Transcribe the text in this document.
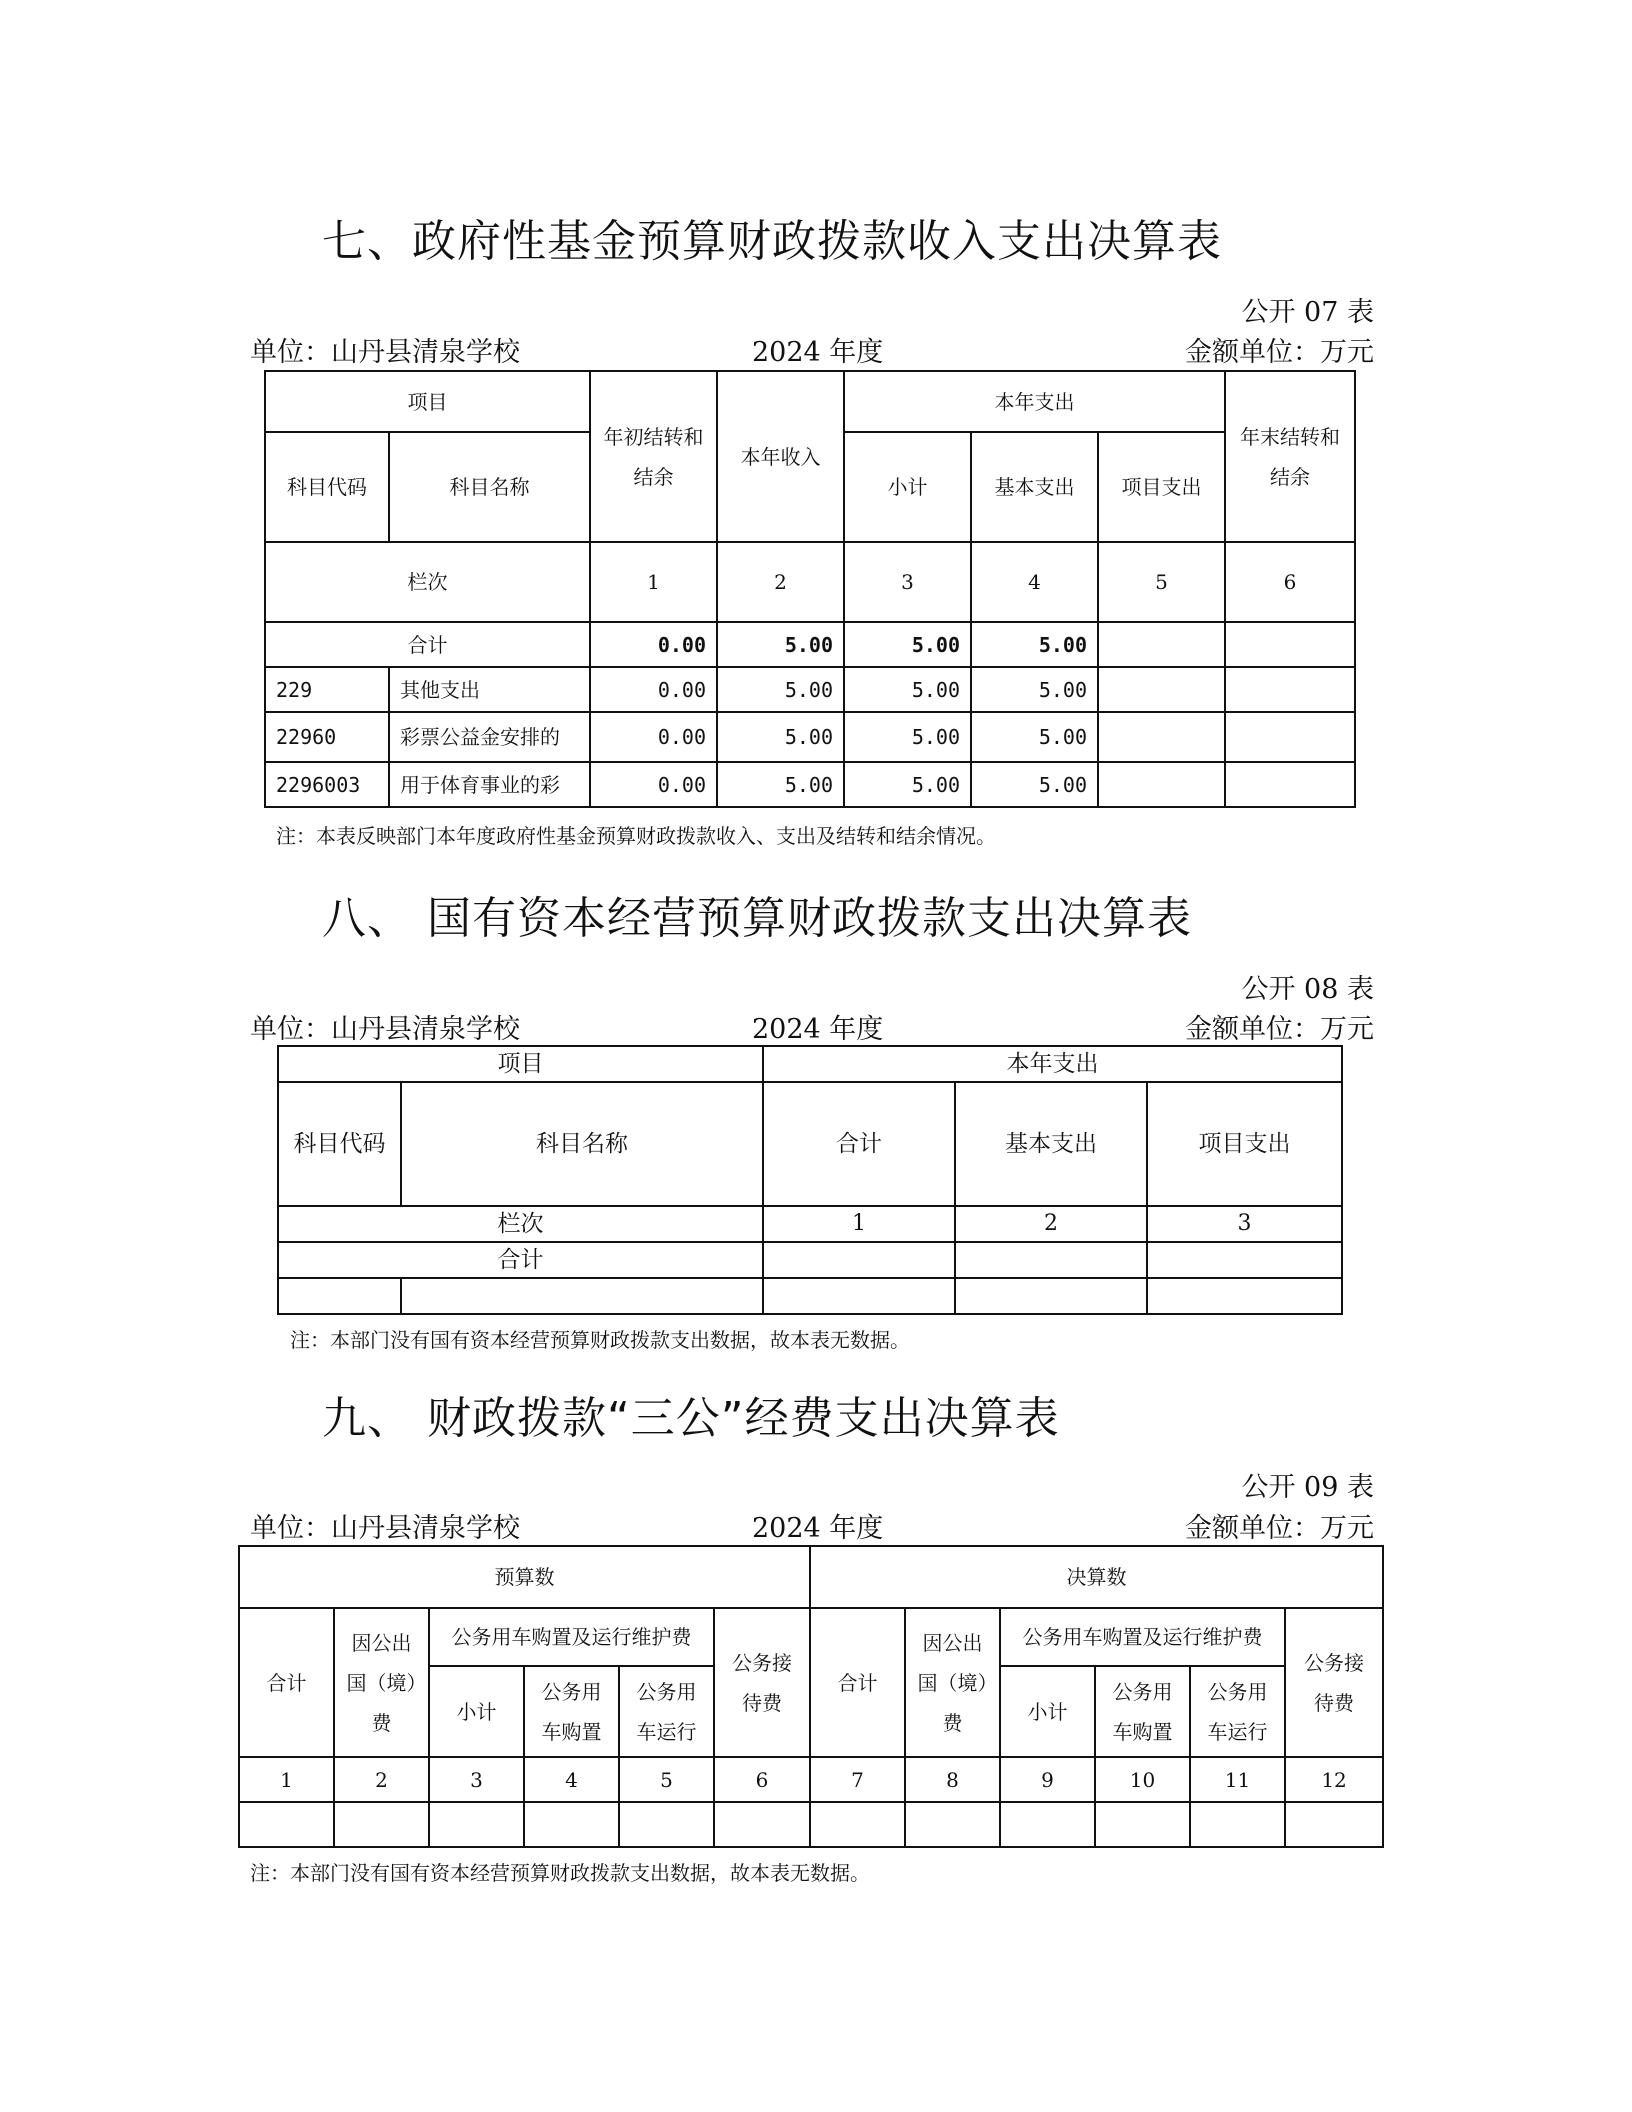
七、政府性基金预算财政拨款收入支出决算表
公开 07 表
单位：山丹县清泉学校	2024 年度	金额单位：万元
项目		年初结转和结余	本年收入	本年支出			年末结转和结余
科目代码	科目名称			小计	基本支出	项目支出	
栏次		1	2	3	4	5	6
合计		0.00	5.00	5.00	5.00		
229	其他支出	0.00	5.00	5.00	5.00		
22960	彩票公益金安排的	0.00	5.00	5.00	5.00		
2296003	用于体育事业的彩	0.00	5.00	5.00	5.00		
注：本表反映部门本年度政府性基金预算财政拨款收入、支出及结转和结余情况。
八、 国有资本经营预算财政拨款支出决算表
公开 08 表
单位：山丹县清泉学校	2024 年度	金额单位：万元
项目		本年支出		
科目代码	科目名称	合计	基本支出	项目支出
栏次		1	2	3
合计				

注：本部门没有国有资本经营预算财政拨款支出数据，故本表无数据。
九、 财政拨款“三公”经费支出决算表
公开 09 表
单位：山丹县清泉学校	2024 年度	金额单位：万元
预算数						决算数					
合计	因公出国（境）费	公务用车购置及运行维护费			公务接待费	合计	因公出国（境）费	公务用车购置及运行维护费			公务接待费
		小计	公务用车购置	公务用车运行				小计	公务用车购置	公务用车运行	
1	2	3	4	5	6	7	8	9	10	11	12

注：本部门没有国有资本经营预算财政拨款支出数据，故本表无数据。
